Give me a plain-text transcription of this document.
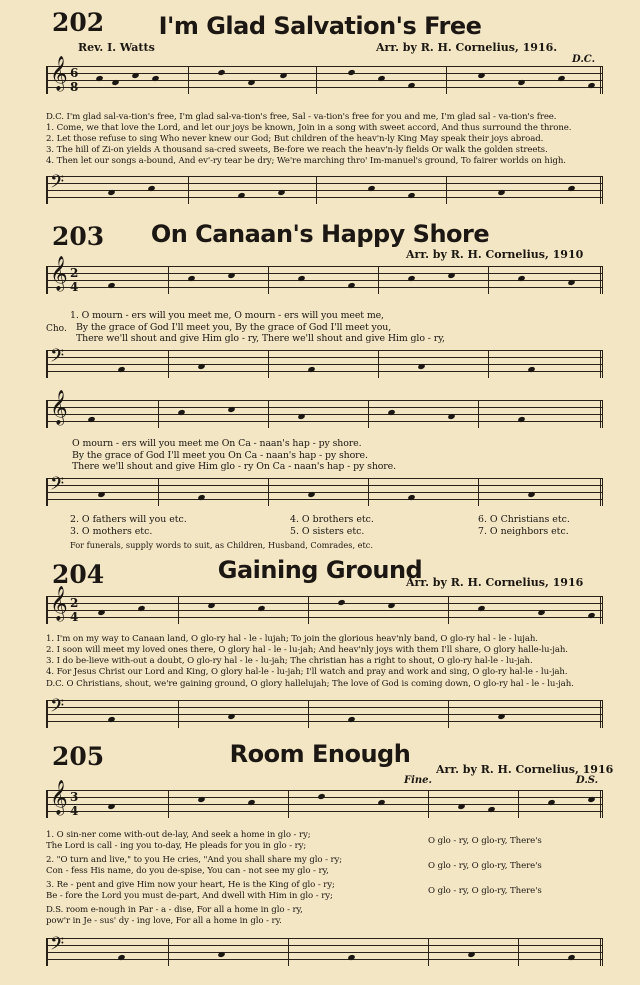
202	I'm Glad Salvation's Free
Rev. I. Watts	Arr. by R. H. Cornelius, 1916.
D.C.
𝄞 6 8
D.C. I'm glad sal-va-tion's free, I'm glad sal-va-tion's free, Sal - va-tion's free for you and me, I'm glad sal - va-tion's free.
1. Come, we that love the Lord, and let our joys be known, Join in a song with sweet accord, And thus surround the throne.
2. Let those refuse to sing Who never knew our God; But children of the heav'n-ly King May speak their joys abroad.
3. The hill of Zi-on yields A thousand sa-cred sweets, Be-fore we reach the heav'n-ly fields Or walk the golden streets.
4. Then let our songs a-bound, And ev'-ry tear be dry; We're marching thro' Im-manuel's ground, To fairer worlds on high.
𝄢
203	On Canaan's Happy Shore
Arr. by R. H. Cornelius, 1910
𝄞 2 4
1. O mourn - ers will you meet me, O mourn - ers will you meet me,
Cho. By the grace of God I'll meet you, By the grace of God I'll meet you,
There we'll shout and give Him glo - ry, There we'll shout and give Him glo - ry,
𝄢
𝄞
O mourn - ers will you meet me On Ca - naan's hap - py shore.
By the grace of God I'll meet you On Ca - naan's hap - py shore.
There we'll shout and give Him glo - ry On Ca - naan's hap - py shore.
𝄢
2. O fathers will you etc.	4. O brothers etc.	6. O Christians etc.
3. O mothers etc.	5. O sisters etc.	7. O neighbors etc.
For funerals, supply words to suit, as Children, Husband, Comrades, etc.
204	Gaining Ground
Arr. by R. H. Cornelius, 1916
𝄞 2 4
1. I'm on my way to Canaan land, O glo-ry hal - le - lujah; To join the glorious heav'nly band, O glo-ry hal - le - lujah.
2. I soon will meet my loved ones there, O glory hal - le - lu-jah; And heav'nly joys with them I'll share, O glory halle-lu-jah.
3. I do be-lieve with-out a doubt, O glo-ry hal - le - lu-jah; The christian has a right to shout, O glo-ry hal-le - lu-jah.
4. For Jesus Christ our Lord and King, O glory hal-le - lu-jah; I'll watch and pray and work and sing, O glo-ry hal-le - lu-jah.
D.C. O Christians, shout, we're gaining ground, O glory hallelujah; The love of God is coming down, O glo-ry hal - le - lu-jah.
𝄢
205	Room Enough
Arr. by R. H. Cornelius, 1916
Fine.	D.S.
𝄞 3 4
1. O sin-ner come with-out de-lay, And seek a home in glo - ry;
The Lord is call - ing you to-day, He pleads for you in glo - ry;
2. "O turn and live," to you He cries, "And you shall share my glo - ry;
Con - fess His name, do you de-spise, You can - not see my glo - ry,
3. Re - pent and give Him now your heart, He is the King of glo - ry;
Be - fore the Lord you must de-part, And dwell with Him in glo - ry;
D.S. room e-nough in Par - a - dise, For all a home in glo - ry,
pow'r in Je - sus' dy - ing love, For all a home in glo - ry.
O glo - ry, O glo-ry, There's
O glo - ry, O glo-ry, There's
O glo - ry, O glo-ry, There's
𝄢
